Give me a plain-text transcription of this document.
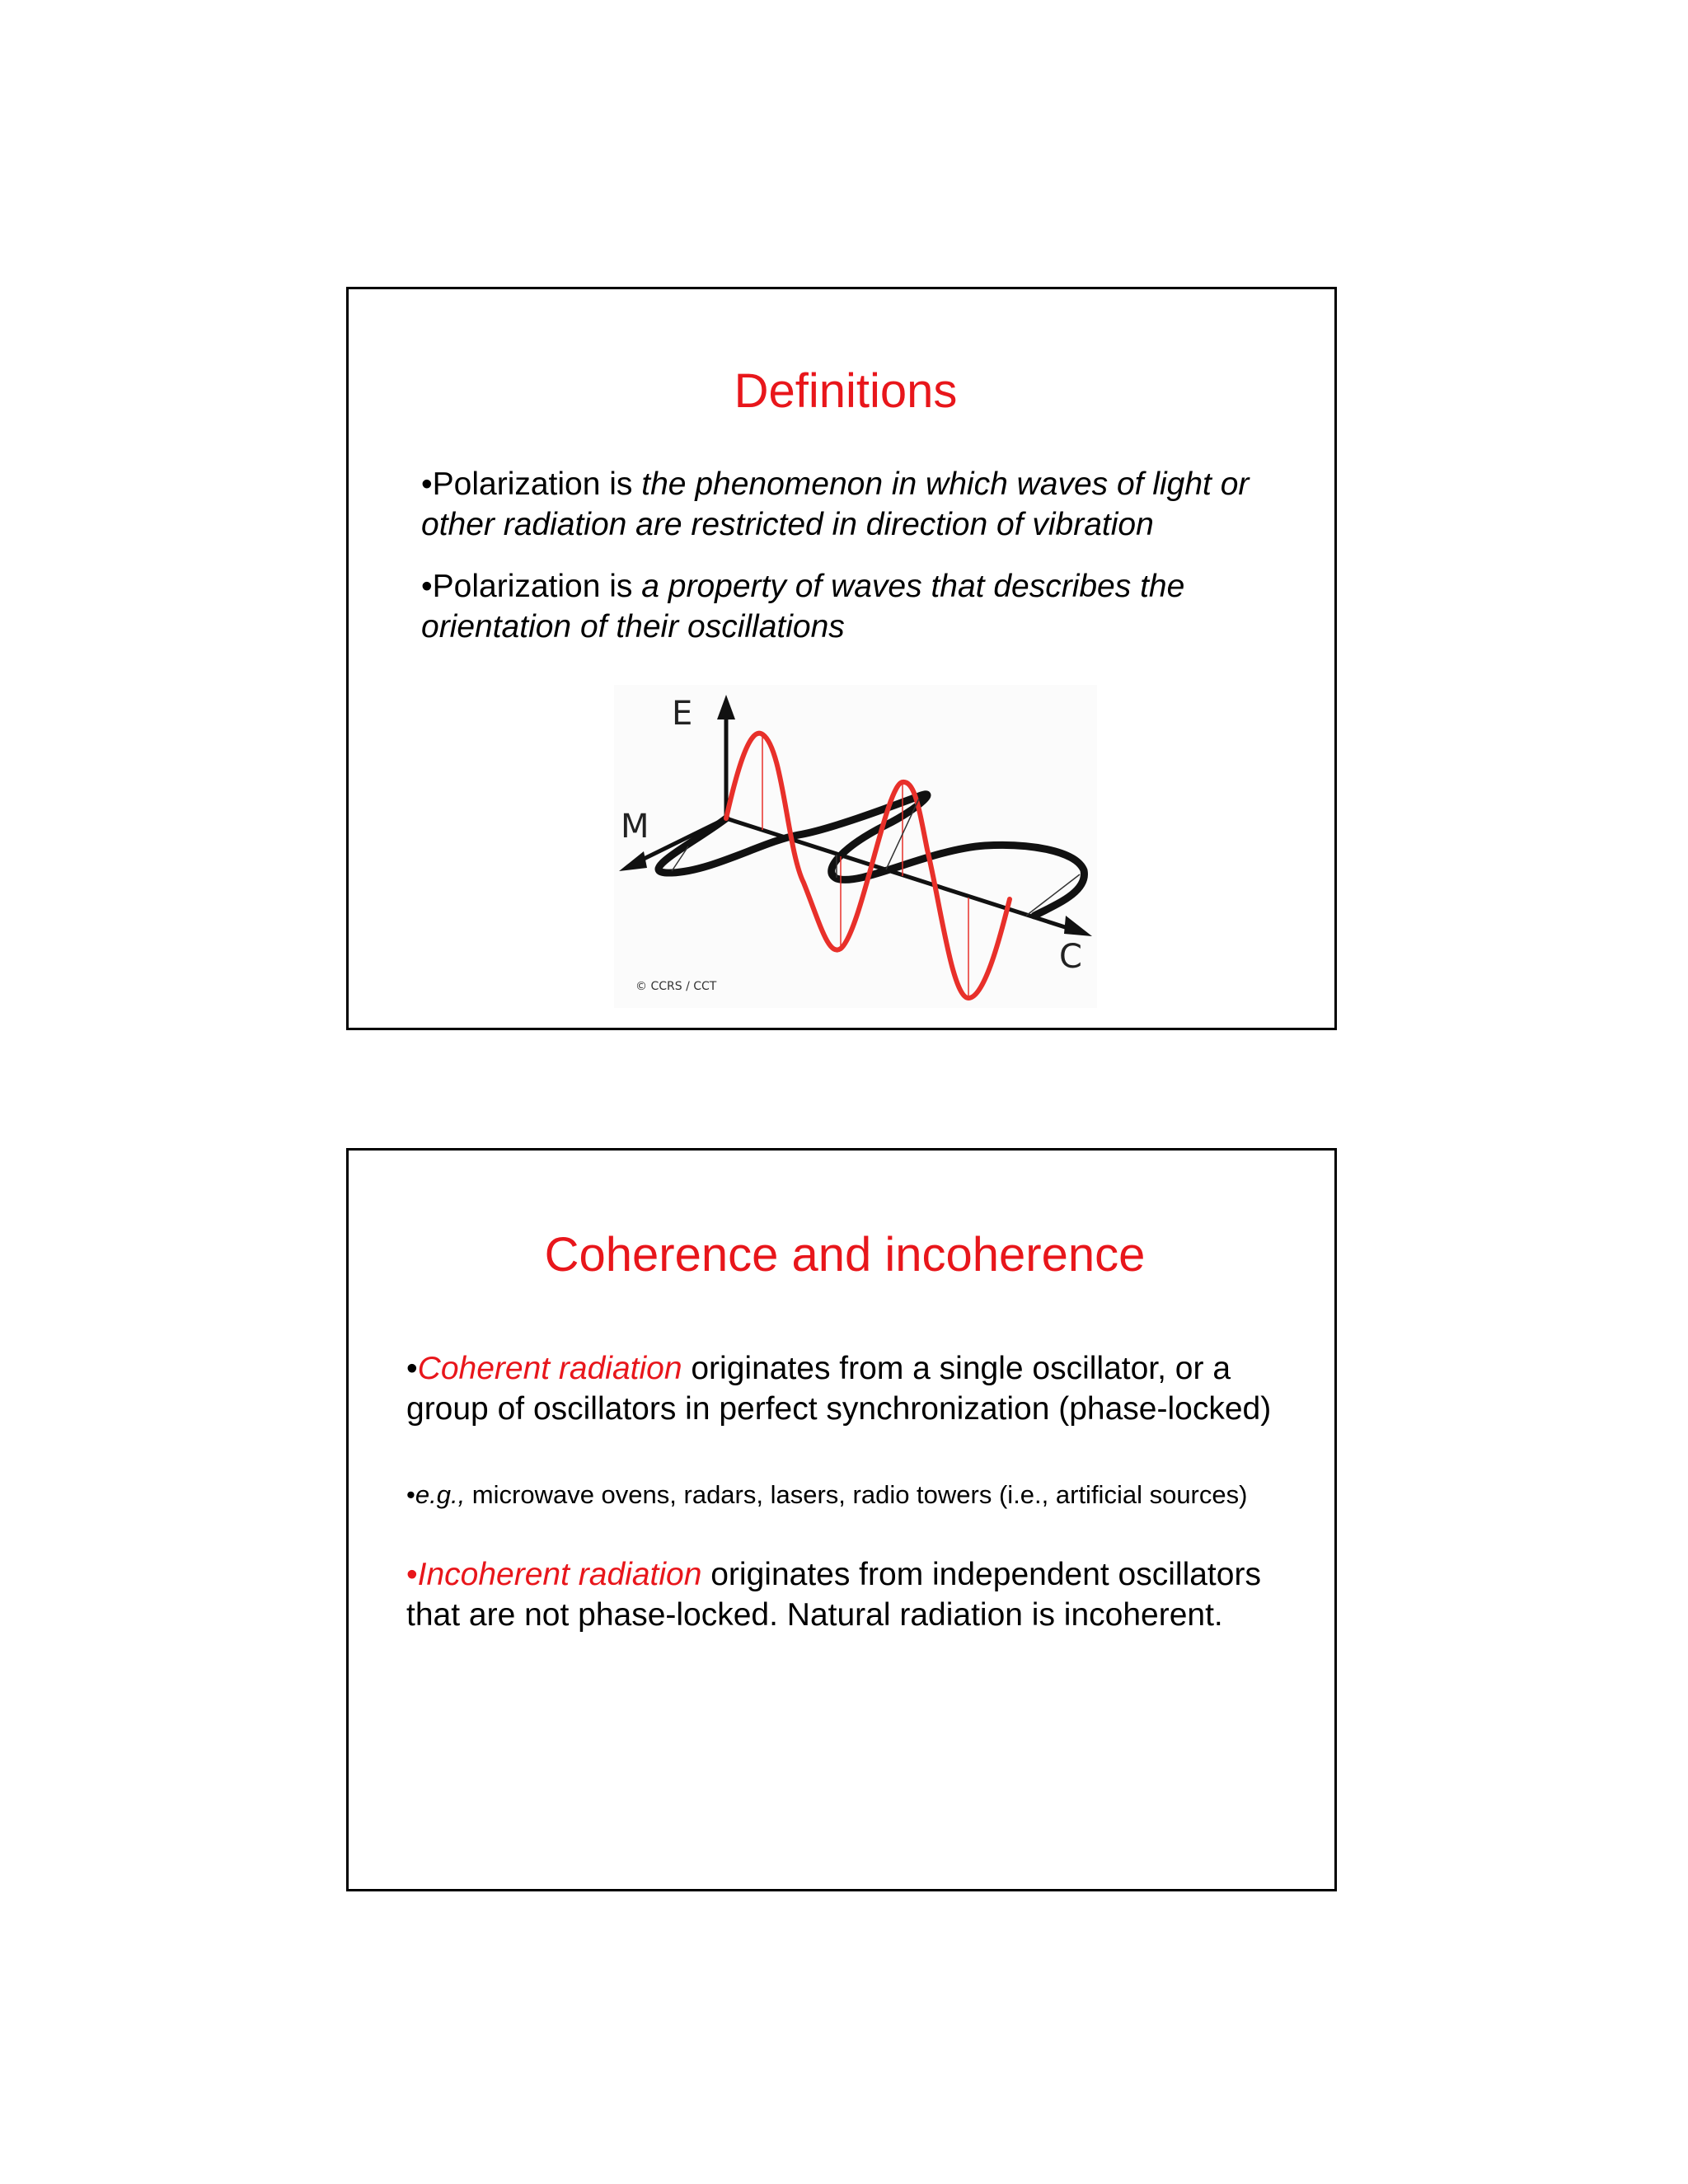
Definitions

•Polarization is the phenomenon in which waves of light or other radiation are restricted in direction of vibration

•Polarization is a property of waves that describes the orientation of their oscillations

E
M
C
© CCRS / CCT
Coherence and incoherence

•Coherent radiation originates from a single oscillator, or a group of oscillators in perfect synchronization (phase-locked)

•e.g., microwave ovens, radars, lasers, radio towers (i.e., artificial sources)

•Incoherent radiation originates from independent oscillators that are not phase-locked. Natural radiation is incoherent.
